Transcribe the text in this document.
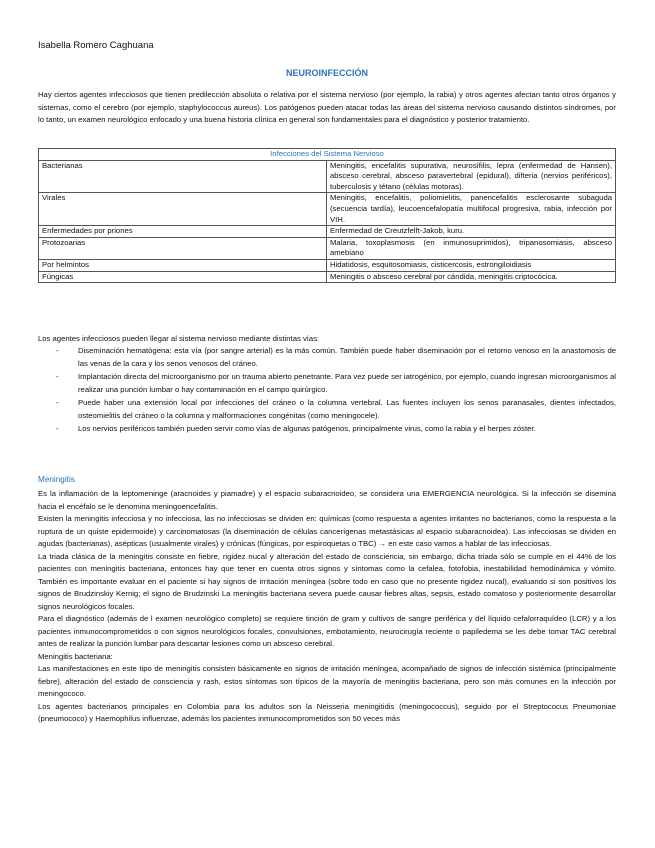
Isabella Romero Caghuana
NEUROINFECCIÓN

Hay ciertos agentes infecciosos que tienen predilección absoluta o relativa por el sistema nervioso (por ejemplo, la rabia) y otros agentes afectan tanto otros órganos y sistemas, como el cerebro (por ejemplo, staphylococcus aureus). Los patógenos pueden atacar todas las áreas del sistema nervioso causando distintos síndromes, por lo tanto, un examen neurológico enfocado y una buena historia clínica en general son fundamentales para el diagnóstico y posterior tratamiento.

Infecciones del Sistema Nervioso	
Bacterianas	Meningitis, encefalitis supurativa, neurosífilis, lepra (enfermedad de Hansen), absceso cerebral, absceso paravertebral (epidural), difteria (nervios periféricos), tuberculosis y tétano (células motoras).
Virales	Meningitis, encefalitis, poliomielitis, panencefalitis esclerosante subaguda (secuencia tardía), leucoencefalopatía multifocal progresiva, rabia, infección por VIH.
Enfermedades por priones	Enfermedad de Creutzfelft-Jakob, kuru.
Protozoarias	Malaria, toxoplasmosis (en inmunosuprimidos), tripanosomiasis, absceso amebiano
Por helmintos	Hidatidosis, esquitosomiasis, cisticercosis, estrongiloidiasis
Fúngicas	Meningitis o absceso cerebral por cándida, meningitis criptocócica.

Los agentes infecciosos pueden llegar al sistema nervioso mediante distintas vías:

-	Diseminación hematógena: esta vía (por sangre arterial) es la más común. También puede haber diseminación por el retorno venoso en la anastomosis de las venas de la cara y los senos venosos del cráneo.
-	Implantación directa del microorganismo por un trauma abierto penetrante. Para vez puede ser iatrogénico, por ejemplo, cuando ingresan microorganismos al realizar una punción lumbar o hay contaminación en el campo quirúrgico.
-	Puede haber una extensión local por infecciones del cráneo o la columna vertebral. Las fuentes incluyen los senos paranasales, dientes infectados, osteomielitis del cráneo o la columna y malformaciones congénitas (como meningocele).
-	Los nervios periféricos también pueden servir como vías de algunas patógenos, principalmente virus, como la rabia y el herpes zóster.
Meningitis

Es la inflamación de la leptomeninge (aracnoides y piamadre) y el espacio subaracnoideo, se considera una EMERGENCIA neurológica. Si la infección se disemina hacia el encéfalo se le denomina meningoencefalitis.

Existen la meningitis infecciosa y no infecciosa, las no infecciosas se dividen en: químicas (como respuesta a agentes irritantes no bacterianos, como la respuesta a la ruptura de un quiste epidermoide) y carcinomatosas (la diseminación de células cancerígenas metastásicas al espacio subaracnoidea). Las infecciosas se dividen en agudas (bacterianas), asépticas (usualmente virales) y crónicas (fúngicas, por espiroquetas o TBC) → en este caso vamos a hablar de las infecciosas.

La triada clásica de la meningitis consiste en fiebre, rigidez nucal y alteración del estado de consciencia, sin embargo, dicha triada sólo se cumple en el 44% de los pacientes con meningitis bacteriana, entonces hay que tener en cuenta otros signos y síntomas como la cefalea, fotofobia, inestabilidad hemodinámica y vómito. También es importante evaluar en el paciente si hay signos de irritación meníngea (sobre todo en caso que no presente rigidez nucal), evaluando si son positivos los signos de Brudzinskiy Kernig; el signo de Brudzinski La meningitis bacteriana severa puede causar fiebres altas, sepsis, estado comatoso y posteriormente desarrollar signos neurológicos focales.

Para el diagnóstico (además de l examen neurológico completo) se requiere tinción de gram y cultivos de sangre periférica y del líquido cefalorraquídeo (LCR) y a los pacientes inmunocomprometidos o con signos neurológicos focales, convulsiones, embotamiento, neurocirugía reciente o papiledema se les debe tomar TAC cerebral antes de realizar la punción lumbar para descartar lesiones como un absceso cerebral.

Meningitis bacteriana:

Las manifestaciones en este tipo de meningitis consisten básicamente en signos de irritación meníngea, acompañado de signos de infección sistémica (principalmente fiebre), alteración del estado de consciencia y rash, estos síntomas son típicos de la mayoría de meningitis bacteriana, pero son más comunes en la infección por meningococo.

Los agentes bacterianos principales en Colombia para los adultos son la Neisseria meningitidis (meningococcus), seguido por el Streptococus Pneumoniae (pneumococo) y Haemophilus influenzae, además los pacientes inmunocomprometidos son 50 veces más
